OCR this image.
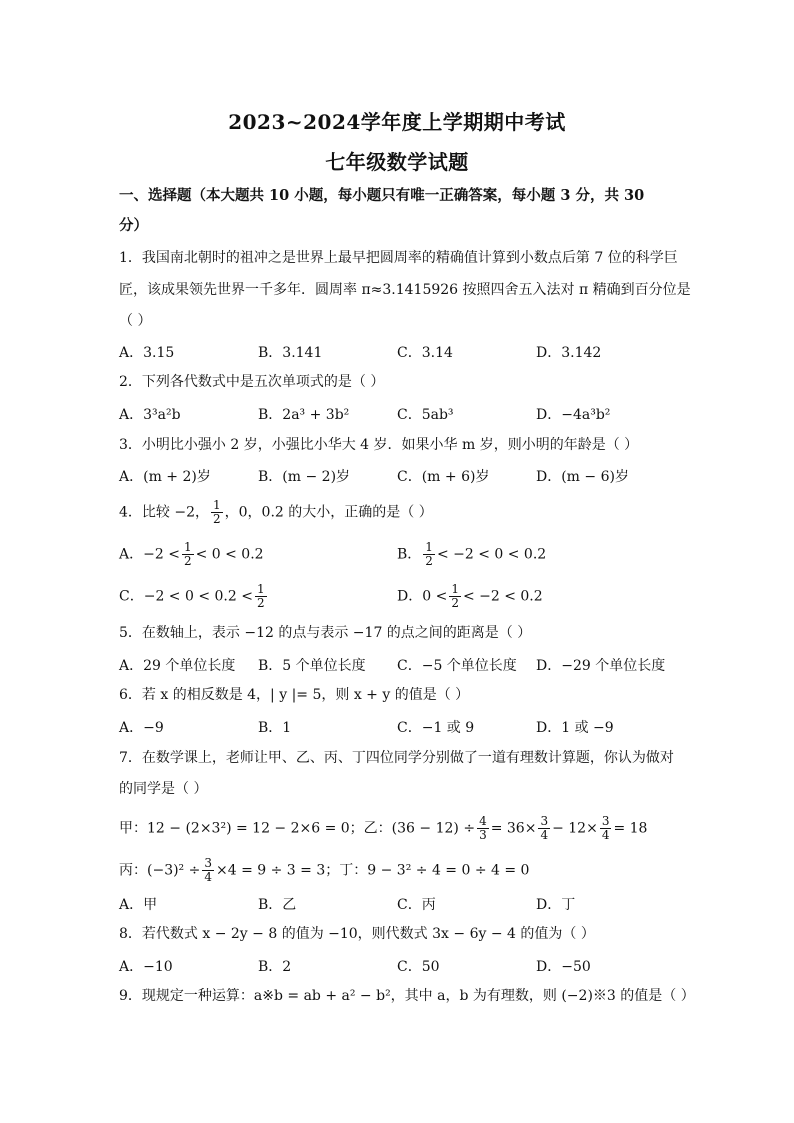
2023~2024学年度上学期期中考试
七年级数学试题
一、选择题（本大题共 10 小题，每小题只有唯一正确答案，每小题 3 分，共 30
分）
1．我国南北朝时的祖冲之是世界上最早把圆周率的精确值计算到小数点后第 7 位的科学巨
匠，该成果领先世界一千多年．圆周率 π≈3.1415926 按照四舍五入法对 π 精确到百分位是
（ ）
A．3.15	B．3.141	C．3.14	D．3.142
2．下列各代数式中是五次单项式的是（ ）
A．3³a²b	B．2a³ + 3b²	C．5ab³	D．−4a³b²
3．小明比小强小 2 岁，小强比小华大 4 岁．如果小华 m 岁，则小明的年龄是（ ）
A．(m + 2)岁	B．(m − 2)岁	C．(m + 6)岁	D．(m − 6)岁
4．比较 −2， $\frac{1}{2}$ ，0，0.2 的大小，正确的是（ ）
A．$-2 < \frac{1}{2} < 0 < 0.2$	B． $\frac{1}{2} < -2 < 0 < 0.2$
C．$-2 < 0 < 0.2 < \frac{1}{2}$	D．$0 < \frac{1}{2} < -2 < 0.2$
5．在数轴上，表示 −12 的点与表示 −17 的点之间的距离是（ ）
A．29 个单位长度 B．5 个单位长度 C．−5 个单位长度 D．−29 个单位长度
6．若 x 的相反数是 4，| y |= 5，则 x + y 的值是（ ）
A．−9	B．1	C．−1 或 9	D．1 或 −9
7．在数学课上，老师让甲、乙、丙、丁四位同学分别做了一道有理数计算题，你认为做对
的同学是（ ）
甲：12 − (2×3²) = 12 − 2×6 = 0；乙：$(36 - 12) \div \frac{4}{3} = 36\times \frac{3}{4} - 12\times \frac{3}{4} = 18$
丙：$(-3)^2 \div \frac{3}{4} \times 4 = 9 \div 3 = 3$；丁：9 − 3² ÷ 4 = 0 ÷ 4 = 0
A．甲	B．乙	C．丙	D．丁
8．若代数式 x − 2y − 8 的值为 −10，则代数式 3x − 6y − 4 的值为（ ）
A．−10	B．2	C．50	D．−50
9．现规定一种运算：a※b = ab + a² − b²，其中 a，b 为有理数，则 (−2)※3 的值是（ ）
